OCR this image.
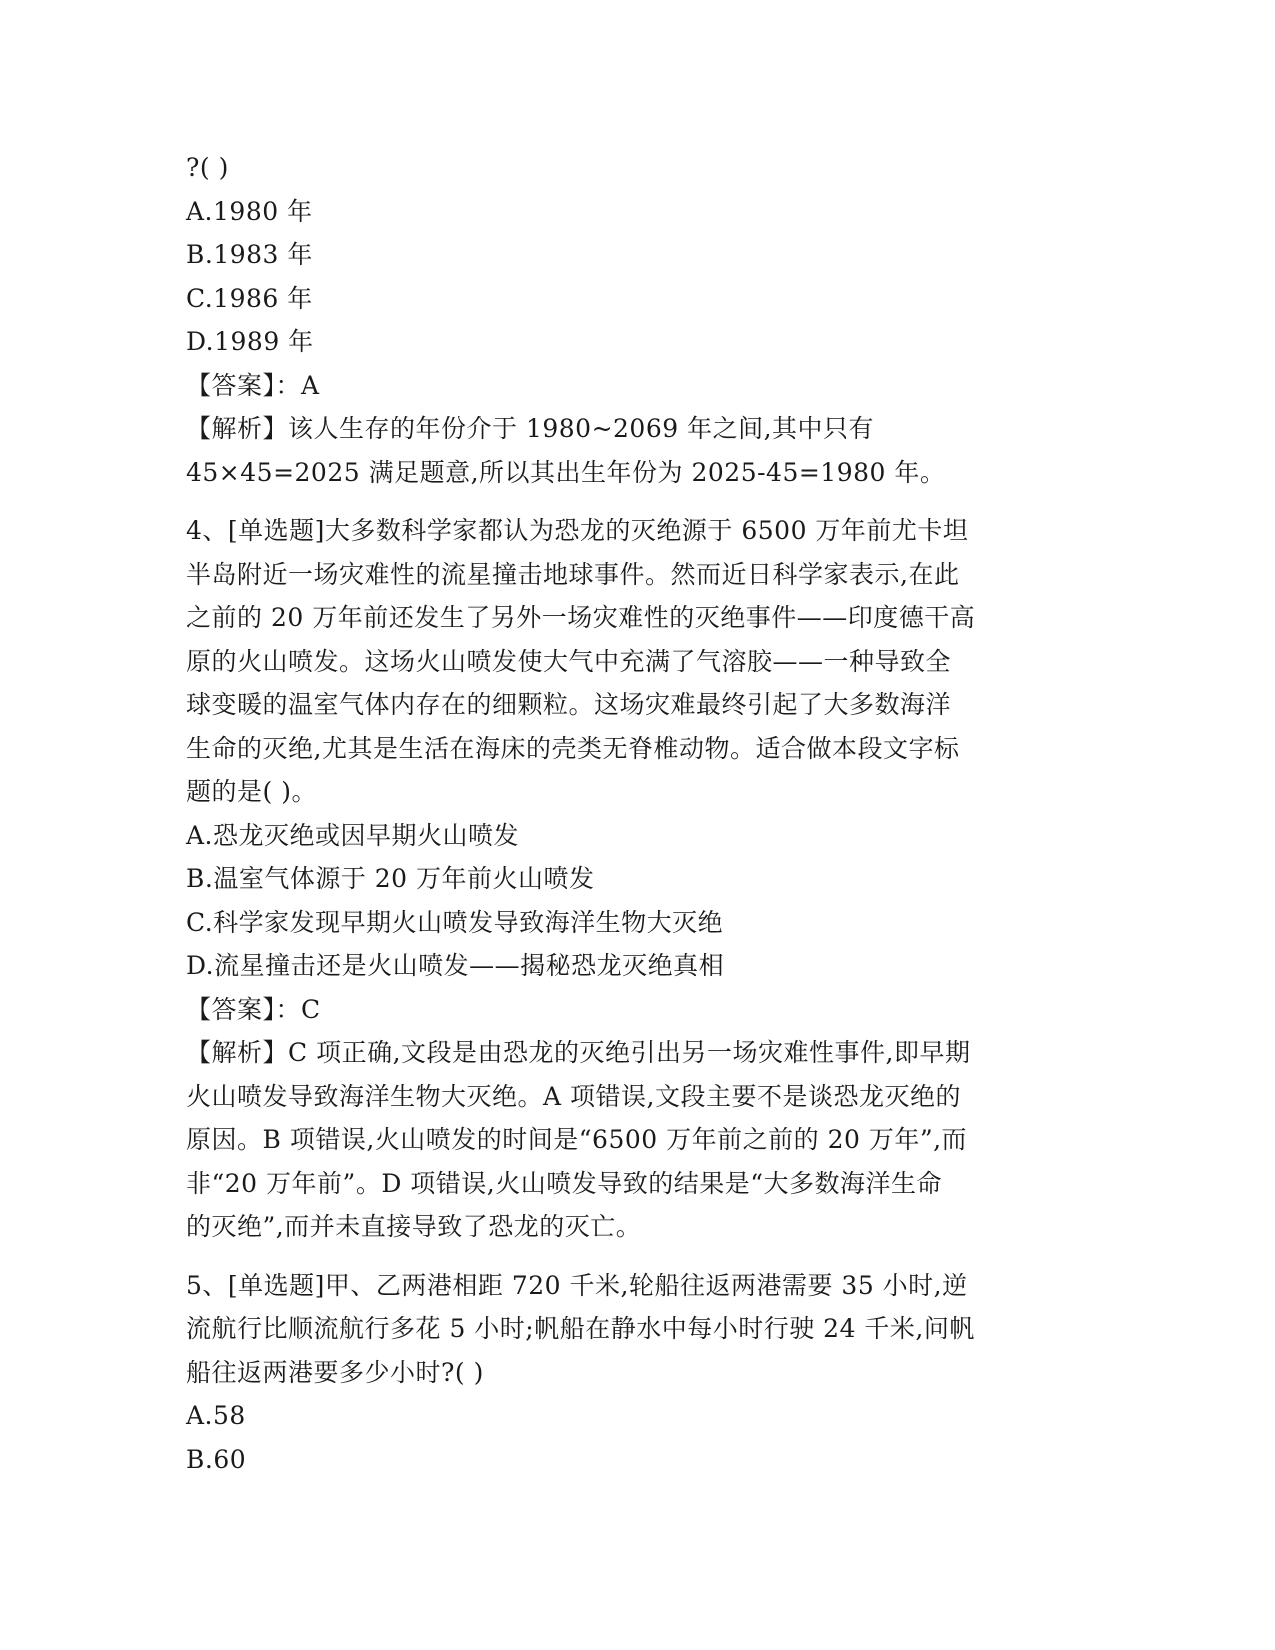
?( )
A.1980 年
B.1983 年
C.1986 年
D.1989 年
【答案】：A
【解析】该人生存的年份介于 1980~2069 年之间,其中只有
45×45=2025 满足题意,所以其出生年份为 2025-45=1980 年。
4、[单选题]大多数科学家都认为恐龙的灭绝源于 6500 万年前尤卡坦
半岛附近一场灾难性的流星撞击地球事件。然而近日科学家表示,在此
之前的 20 万年前还发生了另外一场灾难性的灭绝事件——印度德干高
原的火山喷发。这场火山喷发使大气中充满了气溶胶——一种导致全
球变暖的温室气体内存在的细颗粒。这场灾难最终引起了大多数海洋
生命的灭绝,尤其是生活在海床的壳类无脊椎动物。适合做本段文字标
题的是( )。
A.恐龙灭绝或因早期火山喷发
B.温室气体源于 20 万年前火山喷发
C.科学家发现早期火山喷发导致海洋生物大灭绝
D.流星撞击还是火山喷发——揭秘恐龙灭绝真相
【答案】：C
【解析】C 项正确,文段是由恐龙的灭绝引出另一场灾难性事件,即早期
火山喷发导致海洋生物大灭绝。A 项错误,文段主要不是谈恐龙灭绝的
原因。B 项错误,火山喷发的时间是“6500 万年前之前的 20 万年”,而
非“20 万年前”。D 项错误,火山喷发导致的结果是“大多数海洋生命
的灭绝”,而并未直接导致了恐龙的灭亡。
5、[单选题]甲、乙两港相距 720 千米,轮船往返两港需要 35 小时,逆
流航行比顺流航行多花 5 小时;帆船在静水中每小时行驶 24 千米,问帆
船往返两港要多少小时?( )
A.58
B.60
